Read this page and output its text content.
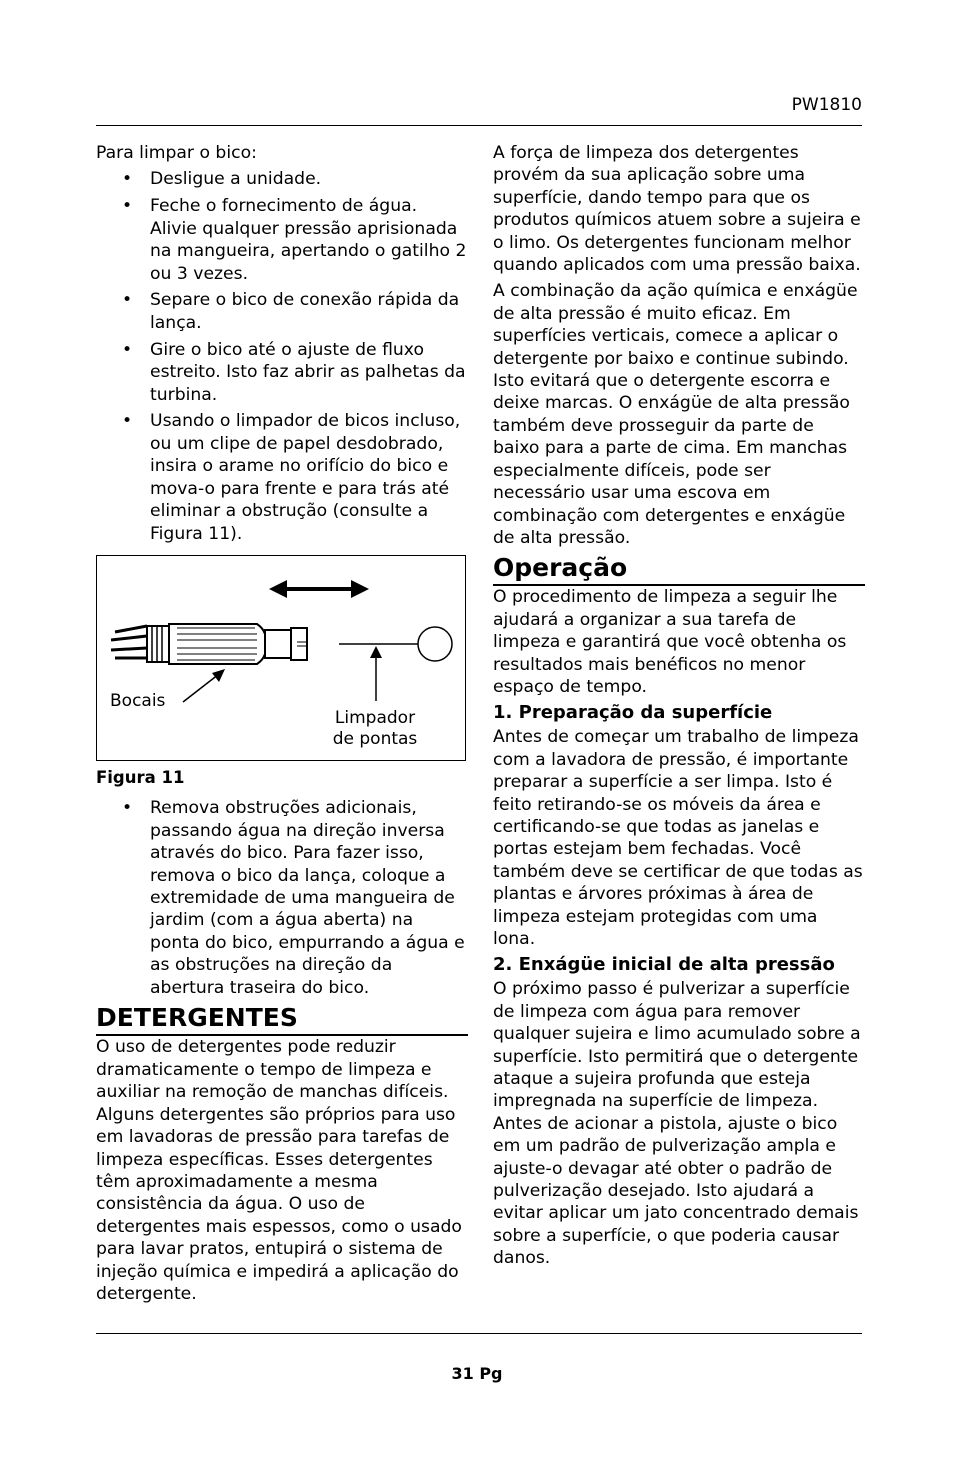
PW1810

Para limpar o bico:

• Desligue a unidade.
• Feche o fornecimento de água. Alivie qualquer pressão aprisionada na mangueira, apertando o gatilho 2 ou 3 vezes.
• Separe o bico de conexão rápida da lança.
• Gire o bico até o ajuste de fluxo estreito. Isto faz abrir as palhetas da turbina.
• Usando o limpador de bicos incluso, ou um clipe de papel desdobrado, insira o arame no orifício do bico e mova-o para frente e para trás até eliminar a obstrução (consulte a Figura 11).
Bocais
Limpador
de pontas
Figura 11
• Remova obstruções adicionais, passando água na direção inversa através do bico. Para fazer isso, remova o bico da lança, coloque a extremidade de uma mangueira de jardim (com a água aberta) na ponta do bico, empurrando a água e as obstruções na direção da abertura traseira do bico.
DETERGENTES

O uso de detergentes pode reduzir dramaticamente o tempo de limpeza e auxiliar na remoção de manchas difíceis. Alguns detergentes são próprios para uso em lavadoras de pressão para tarefas de limpeza específicas. Esses detergentes têm aproximadamente a mesma consistência da água. O uso de detergentes mais espessos, como o usado para lavar pratos, entupirá o sistema de injeção química e impedirá a aplicação do detergente.

A força de limpeza dos detergentes provém da sua aplicação sobre uma superfície, dando tempo para que os produtos químicos atuem sobre a sujeira e o limo. Os detergentes funcionam melhor quando aplicados com uma pressão baixa.

A combinação da ação química e enxágüe de alta pressão é muito eficaz. Em superfícies verticais, comece a aplicar o detergente por baixo e continue subindo. Isto evitará que o detergente escorra e deixe marcas. O enxágüe de alta pressão também deve prosseguir da parte de baixo para a parte de cima. Em manchas especialmente difíceis, pode ser necessário usar uma escova em combinação com detergentes e enxágüe de alta pressão.

Operação

O procedimento de limpeza a seguir lhe ajudará a organizar a sua tarefa de limpeza e garantirá que você obtenha os resultados mais benéficos no menor espaço de tempo.

1. Preparação da superfície

Antes de começar um trabalho de limpeza com a lavadora de pressão, é importante preparar a superfície a ser limpa. Isto é feito retirando-se os móveis da área e certificando-se que todas as janelas e portas estejam bem fechadas. Você também deve se certificar de que todas as plantas e árvores próximas à área de limpeza estejam protegidas com uma lona.

2. Enxágüe inicial de alta pressão

O próximo passo é pulverizar a superfície de limpeza com água para remover qualquer sujeira e limo acumulado sobre a superfície. Isto permitirá que o detergente ataque a sujeira profunda que esteja impregnada na superfície de limpeza. Antes de acionar a pistola, ajuste o bico em um padrão de pulverização ampla e ajuste-o devagar até obter o padrão de pulverização desejado. Isto ajudará a evitar aplicar um jato concentrado demais sobre a superfície, o que poderia causar danos.

31 Pg
